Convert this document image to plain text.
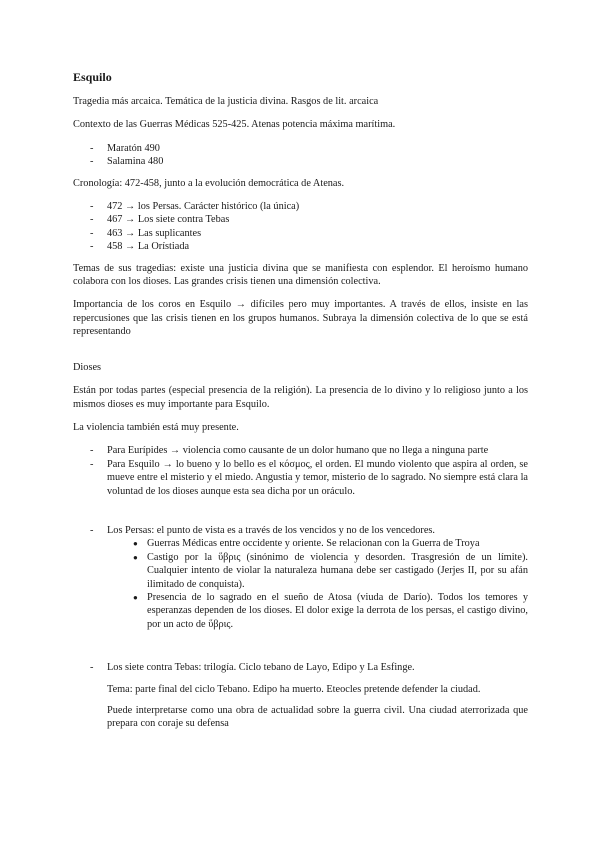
Esquilo

Tragedia más arcaica. Temática de la justicia divina. Rasgos de lit. arcaica

Contexto de las Guerras Médicas 525-425. Atenas potencia máxima marítima.

- Maratón 490
- Salamina 480

Cronología: 472-458, junto a la evolución democrática de Atenas.

- 472 → los Persas. Carácter histórico (la única)
- 467 → Los siete contra Tebas
- 463 → Las suplicantes
- 458 → La Orístiada

Temas de sus tragedias: existe una justicia divina que se manifiesta con esplendor. El heroísmo humano colabora con los dioses. Las grandes crisis tienen una dimensión colectiva.

Importancia de los coros en Esquilo → difíciles pero muy importantes. A través de ellos, insiste en las repercusiones que las crisis tienen en los grupos humanos. Subraya la dimensión colectiva de lo que se está representando

Dioses

Están por todas partes (especial presencia de la religión). La presencia de lo divino y lo religioso junto a los mismos dioses es muy importante para Esquilo.

La violencia también está muy presente.

- Para Eurípides → violencia como causante de un dolor humano que no llega a ninguna parte
- Para Esquilo → lo bueno y lo bello es el κόσμος, el orden. El mundo violento que aspira al orden, se mueve entre el misterio y el miedo. Angustia y temor, misterio de lo sagrado. No siempre está clara la voluntad de los dioses aunque esta sea dicha por un oráculo.
- Los Persas: el punto de vista es a través de los vencidos y no de los vencedores.
● Guerras Médicas entre occidente y oriente. Se relacionan con la Guerra de Troya
● Castigo por la ὕβρις (sinónimo de violencia y desorden. Trasgresión de un límite). Cualquier intento de violar la naturaleza humana debe ser castigado (Jerjes II, por su afán ilimitado de conquista).
● Presencia de lo sagrado en el sueño de Atosa (viuda de Darío). Todos los temores y esperanzas dependen de los dioses. El dolor exige la derrota de los persas, el castigo divino, por un acto de ὕβρις.
- Los siete contra Tebas: trilogía. Ciclo tebano de Layo, Edipo y La Esfinge.

Tema: parte final del ciclo Tebano. Edipo ha muerto. Eteocles pretende defender la ciudad.

Puede interpretarse como una obra de actualidad sobre la guerra civil. Una ciudad aterrorizada que prepara con coraje su defensa
